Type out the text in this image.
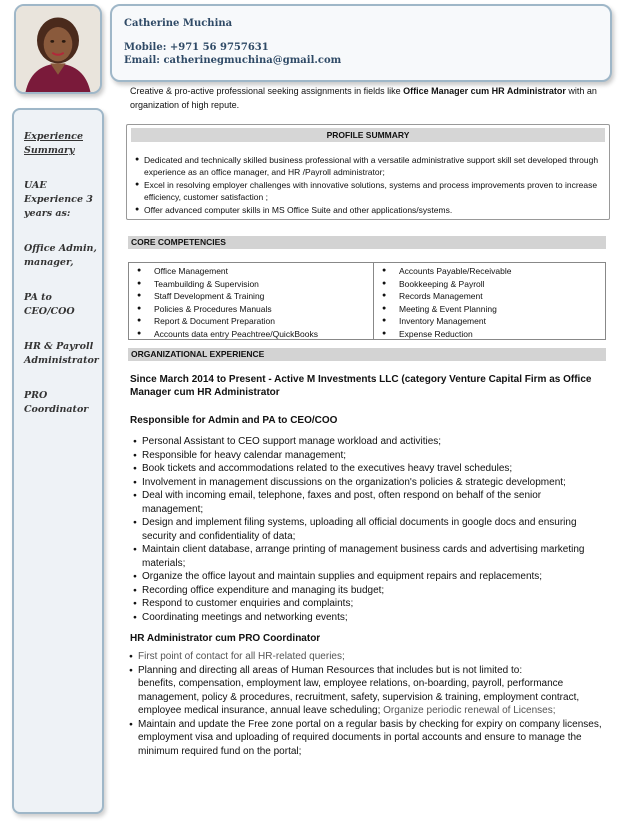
Catherine Muchina
Mobile: +971 56 9757631
Email: catherinegmuchina@gmail.com
Experience Summary
UAE Experience 3 years as:
Office Admin, manager,
PA to CEO/COO
HR & Payroll Administrator
PRO Coordinator
Creative & pro-active professional seeking assignments in fields like Office Manager cum HR Administrator with an organization of high repute.
PROFILE SUMMARY
● Dedicated and technically skilled business professional with a versatile administrative support skill set developed through experience as an office manager, and HR /Payroll administrator;
● Excel in resolving employer challenges with innovative solutions, systems and process improvements proven to increase efficiency, customer satisfaction ;
● Offer advanced computer skills in MS Office Suite and other applications/systems.
CORE COMPETENCIES
● Office Management
● Teambuilding & Supervision
● Staff Development & Training
● Policies & Procedures Manuals
● Report & Document Preparation
● Accounts data entry Peachtree/QuickBooks
● Accounts Payable/Receivable
● Bookkeeping & Payroll
● Records Management
● Meeting & Event Planning
● Inventory Management
● Expense Reduction
ORGANIZATIONAL EXPERIENCE
Since March 2014 to Present - Active M Investments LLC (category Venture Capital Firm as Office Manager cum HR Administrator
Responsible for Admin and PA to CEO/COO
● Personal Assistant to CEO support manage workload and activities;
● Responsible for heavy calendar management;
● Book tickets and accommodations related to the executives heavy travel schedules;
● Involvement in management discussions on the organization's policies & strategic development;
● Deal with incoming email, telephone, faxes and post, often respond on behalf of the senior management;
● Design and implement filing systems, uploading all official documents in google docs and ensuring security and confidentiality of data;
● Maintain client database, arrange printing of management business cards and advertising marketing materials;
● Organize the office layout and maintain supplies and equipment repairs and replacements;
● Recording office expenditure and managing its budget;
● Respond to customer enquiries and complaints;
● Coordinating meetings and networking events;
HR Administrator cum PRO Coordinator
● First point of contact for all HR-related queries;
● Planning and directing all areas of Human Resources that includes but is not limited to:
benefits, compensation, employment law, employee relations, on-boarding, payroll, performance management, policy & procedures, recruitment, safety, supervision & training, employment contract, employee medical insurance, annual leave scheduling; Organize periodic renewal of Licenses;
● Maintain and update the Free zone portal on a regular basis by checking for expiry on company licenses, employment visa and uploading of required documents in portal accounts and ensure to manage the minimum required fund on the portal;
